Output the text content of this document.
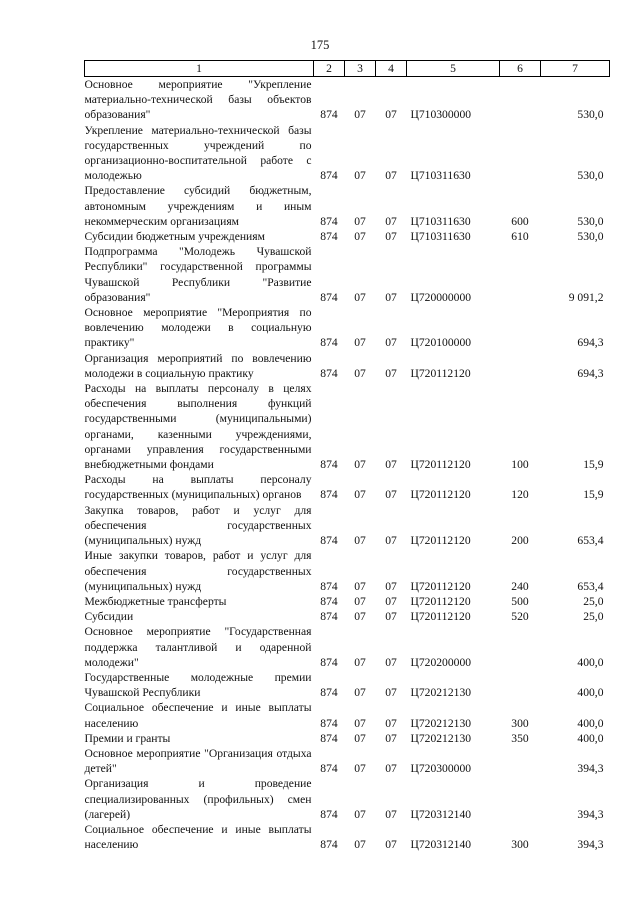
175
1	2	3	4	5	6	7
Основное мероприятие "Укрепление материально-технической базы объектов образования"	874	07	07	Ц710300000		530,0
Укрепление материально-технической базы государственных учреждений по организационно-воспитательной работе с молодежью	874	07	07	Ц710311630		530,0
Предоставление субсидий бюджетным, автономным учреждениям и иным некоммерческим организациям	874	07	07	Ц710311630	600	530,0
Субсидии бюджетным учреждениям	874	07	07	Ц710311630	610	530,0
Подпрограмма "Молодежь Чувашской Республики" государственной программы Чувашской Республики "Развитие образования"	874	07	07	Ц720000000		9 091,2
Основное мероприятие "Мероприятия по вовлечению молодежи в социальную практику"	874	07	07	Ц720100000		694,3
Организация мероприятий по вовлечению молодежи в социальную практику	874	07	07	Ц720112120		694,3
Расходы на выплаты персоналу в целях обеспечения выполнения функций государственными (муниципальными) органами, казенными учреждениями, органами управления государственными внебюджетными фондами	874	07	07	Ц720112120	100	15,9
Расходы на выплаты персоналу государственных (муниципальных) органов	874	07	07	Ц720112120	120	15,9
Закупка товаров, работ и услуг для обеспечения государственных (муниципальных) нужд	874	07	07	Ц720112120	200	653,4
Иные закупки товаров, работ и услуг для обеспечения государственных (муниципальных) нужд	874	07	07	Ц720112120	240	653,4
Межбюджетные трансферты	874	07	07	Ц720112120	500	25,0
Субсидии	874	07	07	Ц720112120	520	25,0
Основное мероприятие "Государственная поддержка талантливой и одаренной молодежи"	874	07	07	Ц720200000		400,0
Государственные молодежные премии Чувашской Республики	874	07	07	Ц720212130		400,0
Социальное обеспечение и иные выплаты населению	874	07	07	Ц720212130	300	400,0
Премии и гранты	874	07	07	Ц720212130	350	400,0
Основное мероприятие "Организация отдыха детей"	874	07	07	Ц720300000		394,3
Организация и проведение специализированных (профильных) смен (лагерей)	874	07	07	Ц720312140		394,3
Социальное обеспечение и иные выплаты населению	874	07	07	Ц720312140	300	394,3
